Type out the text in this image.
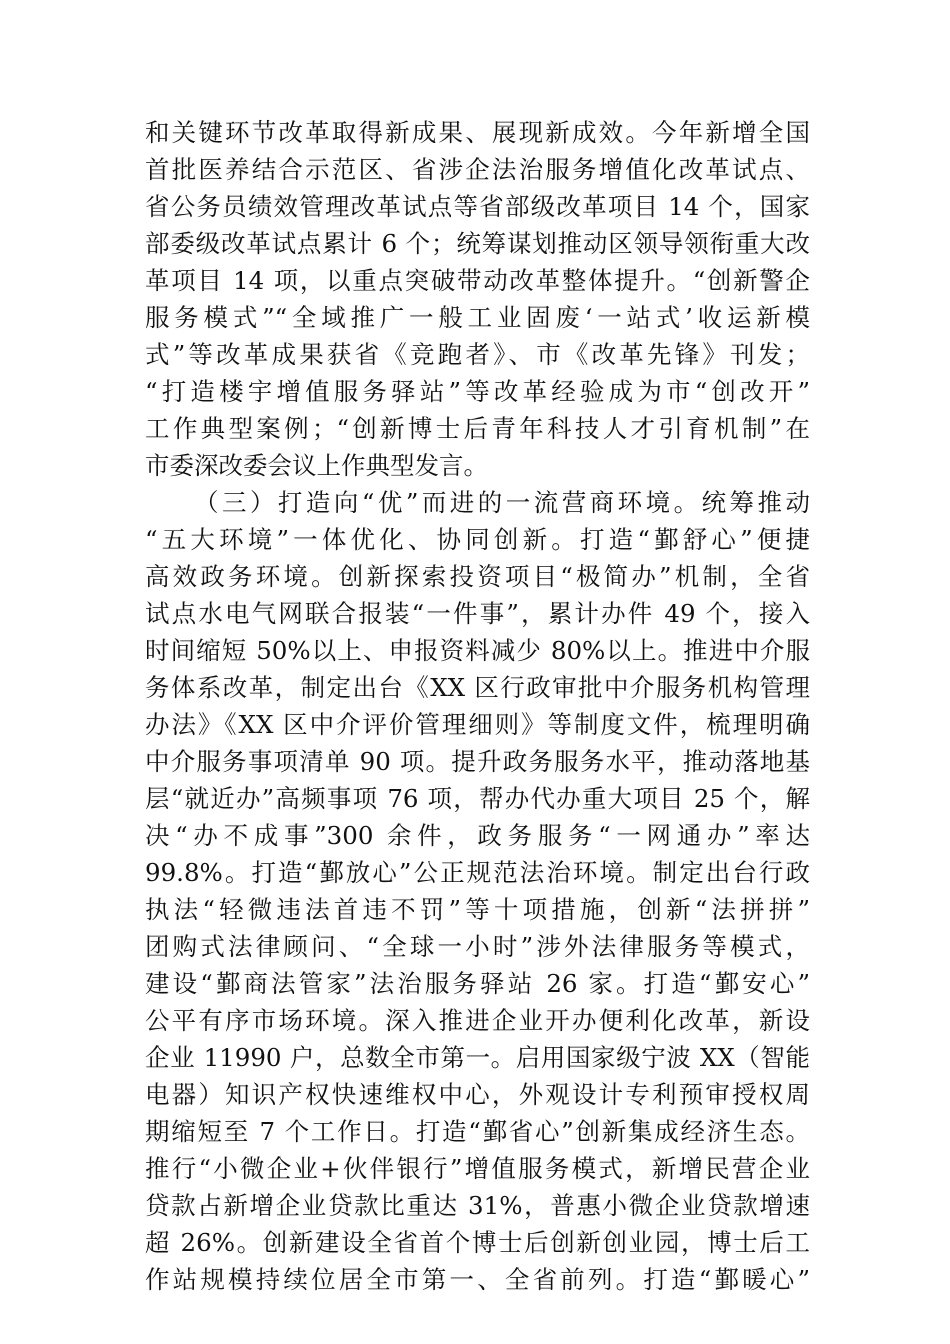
和关键环节改革取得新成果、展现新成效。今年新增全国
首批医养结合示范区、省涉企法治服务增值化改革试点、
省公务员绩效管理改革试点等省部级改革项目 14 个，国家
部委级改革试点累计 6 个；统筹谋划推动区领导领衔重大改
革项目 14 项，以重点突破带动改革整体提升。“创新警企
服务模式”“全域推广一般工业固废‘一站式’收运新模
式”等改革成果获省《竞跑者》、市《改革先锋》刊发；
“打造楼宇增值服务驿站”等改革经验成为市“创改开”
工作典型案例；“创新博士后青年科技人才引育机制”在
市委深改委会议上作典型发言。
（三）打造向“优”而进的一流营商环境。统筹推动
“五大环境”一体优化、协同创新。打造“鄞舒心”便捷
高效政务环境。创新探索投资项目“极简办”机制，全省
试点水电气网联合报装“一件事”，累计办件 49 个，接入
时间缩短 50%以上、申报资料减少 80%以上。推进中介服
务体系改革，制定出台《XX 区行政审批中介服务机构管理
办法》《XX 区中介评价管理细则》等制度文件，梳理明确
中介服务事项清单 90 项。提升政务服务水平，推动落地基
层“就近办”高频事项 76 项，帮办代办重大项目 25 个，解
决“办不成事”300 余件，政务服务“一网通办”率达
99.8%。打造“鄞放心”公正规范法治环境。制定出台行政
执法“轻微违法首违不罚”等十项措施，创新“法拼拼”
团购式法律顾问、“全球一小时”涉外法律服务等模式，
建设“鄞商法管家”法治服务驿站 26 家。打造“鄞安心”
公平有序市场环境。深入推进企业开办便利化改革，新设
企业 11990 户，总数全市第一。启用国家级宁波 XX（智能
电器）知识产权快速维权中心，外观设计专利预审授权周
期缩短至 7 个工作日。打造“鄞省心”创新集成经济生态。
推行“小微企业+伙伴银行”增值服务模式，新增民营企业
贷款占新增企业贷款比重达 31%，普惠小微企业贷款增速
超 26%。创新建设全省首个博士后创新创业园，博士后工
作站规模持续位居全市第一、全省前列。打造“鄞暖心”
